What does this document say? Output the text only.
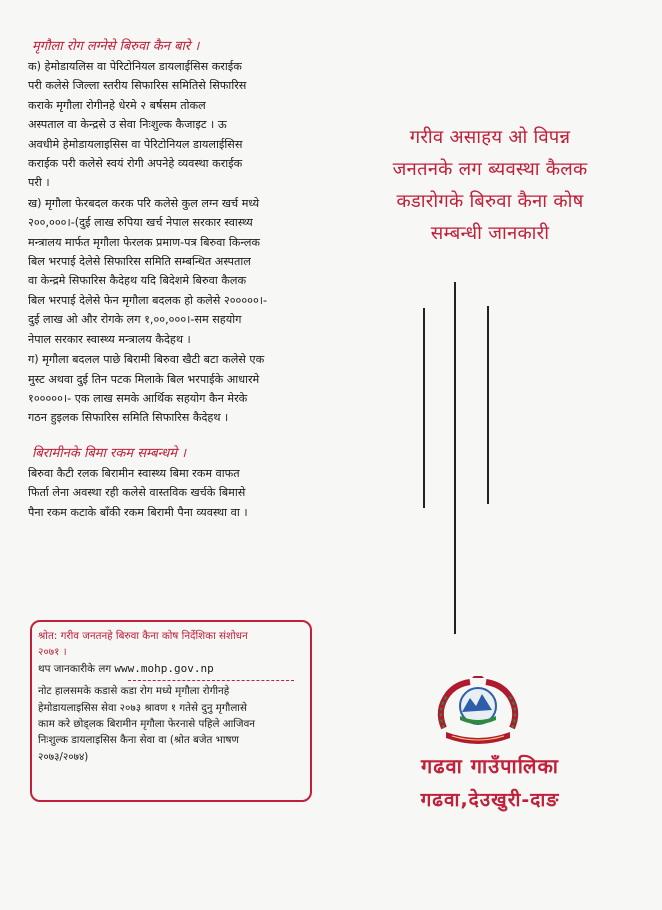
मृगौला रोग लग्नेसे बिरुवा कैन बारे ।
क) हेमोडायलिस वा पेरिटोनियल डायलाईसिस कराईक
परी कलेसे जिल्ला स्तरीय सिफारिस समितिसे सिफारिस
कराके मृगौला रोगीनहे धेरमे २ बर्षसम तोकल
अस्पताल वा केन्द्रसे उ सेवा निःशुल्क कैजाइट । ऊ
अवधीमे हेमोडायलाइसिस वा पेरिटोनियल डायलाईसिस
कराईक परी कलेसे स्वयं रोगी अपनेहे व्यवस्था कराईक
परी ।
ख) मृगौला फेरबदल करक परि कलेसे कुल लग्न खर्च मध्ये
२००,०००।-(दुई लाख रुपिया खर्च नेपाल सरकार स्वास्थ्य
मन्त्रालय मार्फत मृगौला फेरलक प्रमाण-पत्र बिरुवा किन्लक
बिल भरपाई देलेसे सिफारिस समिति सम्बन्धित अस्पताल
वा केन्द्रमे सिफारिस कैदेहथ यदि बिदेशमे बिरुवा कैलक
बिल भरपाई देलेसे फेन मृगौला बदलक हो कलेसे २०००००।-
दुई लाख ओ और रोगके लग १,००,०००।-सम सहयोग
नेपाल सरकार स्वास्थ्य मन्त्रालय कैदेहथ ।
ग) मृगौला बदलल पाछे बिरामी बिरुवा खैटी बटा कलेसे एक
मुस्ट अथवा दुई तिन पटक मिलाके बिल भरपाईके आधारमे
१०००००।- एक लाख समके आर्थिक सहयोग कैन मेरके
गठन हुइलक सिफारिस समिति सिफारिस कैदेहथ ।
बिरामीनके बिमा रकम सम्बन्धमे ।
बिरुवा कैटी रलक बिरामीन स्वास्थ्य बिमा रकम वाफत
फिर्ता लेना अवस्था रही कलेसे वास्तविक खर्चके बिमासे
पैना रकम कटाके बाँकी रकम बिरामी पैना व्यवस्था वा ।
गरीव असाहय ओ विपन्न
जनतनके लग ब्यवस्था कैलक
कडारोगके बिरुवा कैना कोष
सम्बन्धी जानकारी
श्रोत: गरीव जनतनहे बिरुवा कैना कोष निर्देशिका संशोधन
२०७१ ।
थप जानकारीके लग www.mohp.gov.np
नोट हालसमके कडासे कडा रोग मध्ये मृगौला रोगीनहे
हेमोडायलाइसिस सेवा २०७३ श्रावण १ गतेसे दुनु मृगौलासे
काम करे छोड्लक बिरामीन मृगौला फेरनासे पहिले आजिवन
निःशुल्क डायलाइसिस कैना सेवा वा (श्रोत बजेत भाषण
२०७३/२०७४)	गढवा गाउँपालिका
गढवा,देउखुरी-दाङ
